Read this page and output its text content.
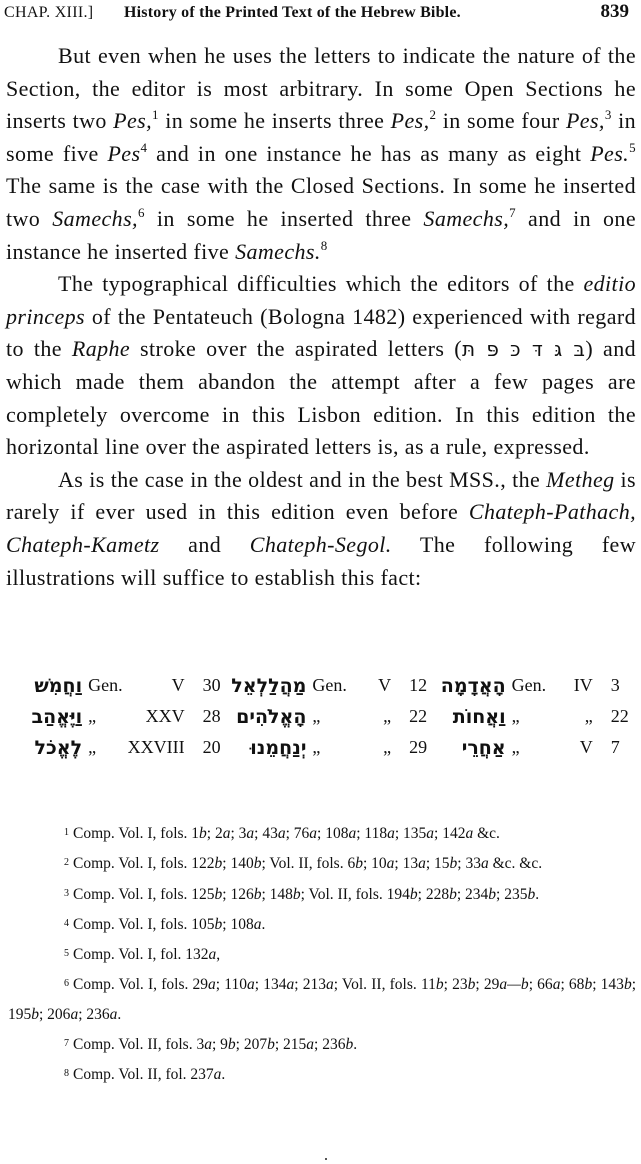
CHAP. XIII.] History of the Printed Text of the Hebrew Bible.	839

But even when he uses the letters to indicate the nature of the Section, the editor is most arbitrary. In some Open Sections he inserts two Pes,$^1$ in some he inserts three Pes,$^2$ in some four Pes,$^3$ in some five Pes$^4$ and in one instance he has as many as eight Pes.$^5$ The same is the case with the Closed Sections. In some he inserted two Samechs,$^6$ in some he inserted three Samechs,$^7$ and in one instance he inserted five Samechs.$^8$

The typographical difficulties which the editors of the editio princeps of the Pentateuch (Bologna 1482) experienced with regard to the Raphe stroke over the aspirated letters (בּ גּ דּ כּ פּ תּ) and which made them abandon the attempt after a few pages are completely overcome in this Lisbon edition. In this edition the horizontal line over the aspirated letters is, as a rule, expressed.

As is the case in the oldest and in the best MSS., the Metheg is rarely if ever used in this edition even before Chateph-Pathach, Chateph-Kametz and Chateph-Segol. The following few illustrations will suffice to establish this fact:

וַחֲמִשׁ	Gen.	V	30	מַהֲלַלְאֵל	Gen.	V	12	הָאֲדָמָה	Gen.	IV	3
וַיֶּאֱהַב	„	XXV	28	הָאֱלֹהִים	„	„	22	וַאֲחוֹת	„	„	22
לֶאֱכֹל	„	XXVIII	20	יְנַחֲמֵנוּ	„	„	29	אַחֲרֵי	„	V	7

1 Comp. Vol. I, fols. 1b; 2a; 3a; 43a; 76a; 108a; 118a; 135a; 142a &c.

2 Comp. Vol. I, fols. 122b; 140b; Vol. II, fols. 6b; 10a; 13a; 15b; 33a &c. &c.

3 Comp. Vol. I, fols. 125b; 126b; 148b; Vol. II, fols. 194b; 228b; 234b; 235b.

4 Comp. Vol. I, fols. 105b; 108a.

5 Comp. Vol. I, fol. 132a,

6 Comp. Vol. I, fols. 29a; 110a; 134a; 213a; Vol. II, fols. 11b; 23b; 29a—b; 66a; 68b; 143b; 195b; 206a; 236a.

7 Comp. Vol. II, fols. 3a; 9b; 207b; 215a; 236b.

8 Comp. Vol. II, fol. 237a.
